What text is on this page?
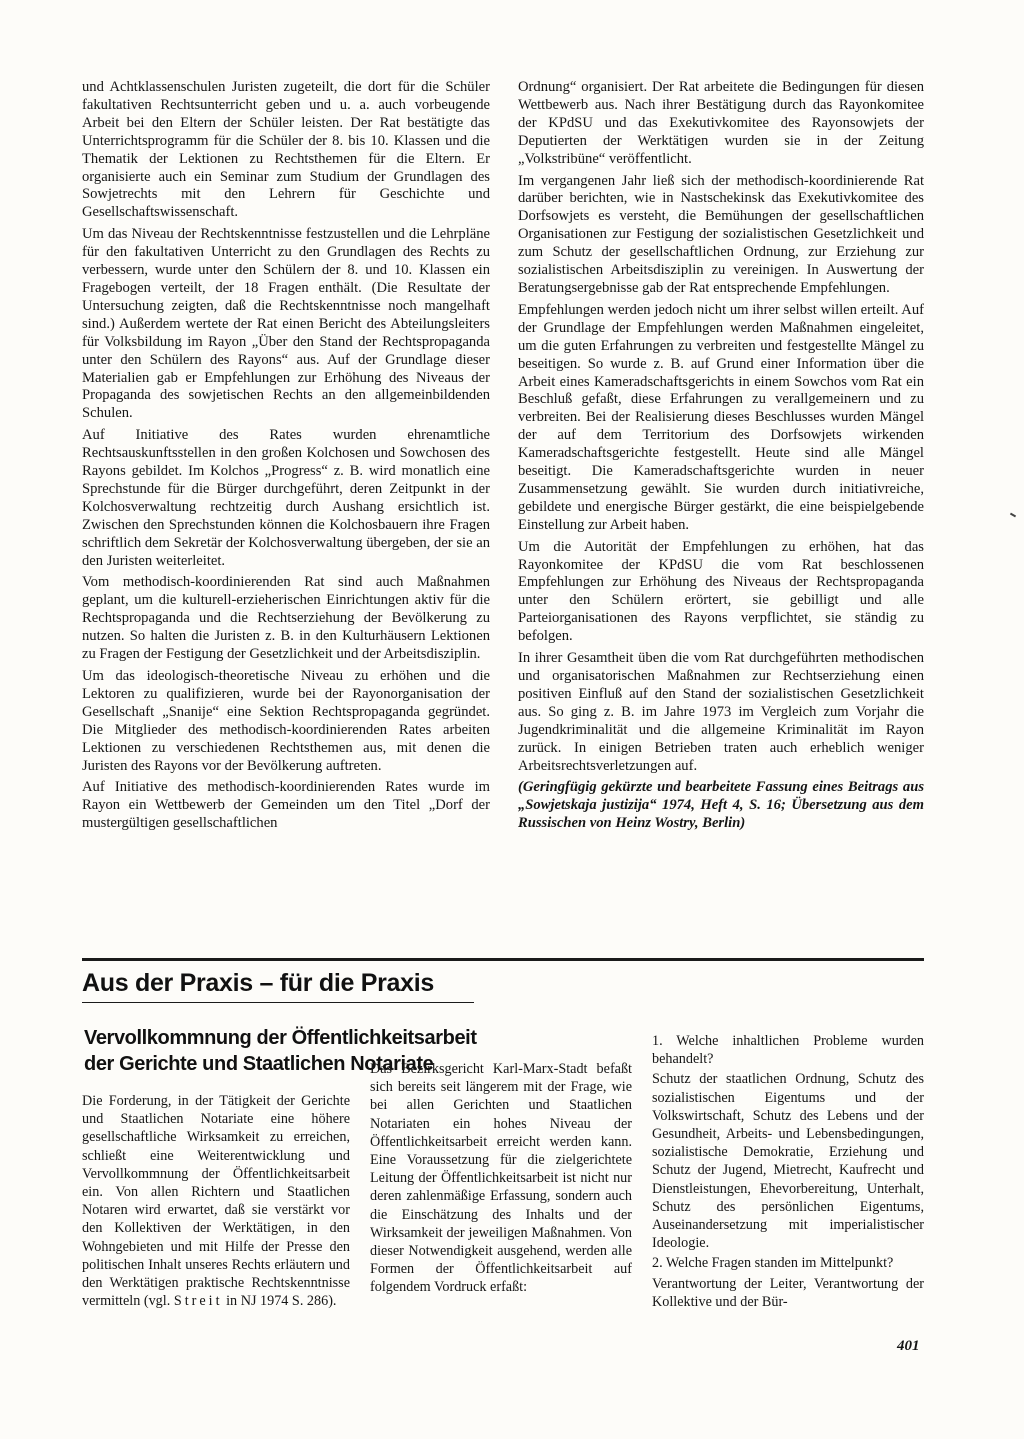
und Achtklassenschulen Juristen zugeteilt, die dort für die Schüler fakultativen Rechtsunterricht geben und u. a. auch vorbeugende Arbeit bei den Eltern der Schüler leisten. Der Rat bestätigte das Unterrichtsprogramm für die Schüler der 8. bis 10. Klassen und die Thematik der Lektionen zu Rechtsthemen für die Eltern. Er organisierte auch ein Seminar zum Studium der Grundlagen des Sowjetrechts mit den Lehrern für Geschichte und Gesellschaftswissenschaft.

Um das Niveau der Rechtskenntnisse festzustellen und die Lehrpläne für den fakultativen Unterricht zu den Grundlagen des Rechts zu verbessern, wurde unter den Schülern der 8. und 10. Klassen ein Fragebogen verteilt, der 18 Fragen enthält. (Die Resultate der Untersuchung zeigten, daß die Rechtskenntnisse noch mangelhaft sind.) Außerdem wertete der Rat einen Bericht des Abteilungsleiters für Volksbildung im Rayon „Über den Stand der Rechtspropaganda unter den Schülern des Rayons“ aus. Auf der Grundlage dieser Materialien gab er Empfehlungen zur Erhöhung des Niveaus der Propaganda des sowjetischen Rechts an den allgemeinbildenden Schulen.

Auf Initiative des Rates wurden ehrenamtliche Rechtsauskunftsstellen in den großen Kolchosen und Sowchosen des Rayons gebildet. Im Kolchos „Progress“ z. B. wird monatlich eine Sprechstunde für die Bürger durchgeführt, deren Zeitpunkt in der Kolchosverwaltung rechtzeitig durch Aushang ersichtlich ist. Zwischen den Sprechstunden können die Kolchosbauern ihre Fragen schriftlich dem Sekretär der Kolchosverwaltung übergeben, der sie an den Juristen weiterleitet.

Vom methodisch-koordinierenden Rat sind auch Maßnahmen geplant, um die kulturell-erzieherischen Einrichtungen aktiv für die Rechtspropaganda und die Rechtserziehung der Bevölkerung zu nutzen. So halten die Juristen z. B. in den Kulturhäusern Lektionen zu Fragen der Festigung der Gesetzlichkeit und der Arbeitsdisziplin.

Um das ideologisch-theoretische Niveau zu erhöhen und die Lektoren zu qualifizieren, wurde bei der Rayonorganisation der Gesellschaft „Snanije“ eine Sektion Rechtspropaganda gegründet. Die Mitglieder des methodisch-koordinierenden Rates arbeiten Lektionen zu verschiedenen Rechtsthemen aus, mit denen die Juristen des Rayons vor der Bevölkerung auftreten.

Auf Initiative des methodisch-koordinierenden Rates wurde im Rayon ein Wettbewerb der Gemeinden um den Titel „Dorf der mustergültigen gesellschaftlichen

Ordnung“ organisiert. Der Rat arbeitete die Bedingungen für diesen Wettbewerb aus. Nach ihrer Bestätigung durch das Rayonkomitee der KPdSU und das Exekutivkomitee des Rayonsowjets der Deputierten der Werktätigen wurden sie in der Zeitung „Volkstribüne“ veröffentlicht.

Im vergangenen Jahr ließ sich der methodisch-koordinierende Rat darüber berichten, wie in Nastschekinsk das Exekutivkomitee des Dorfsowjets es versteht, die Bemühungen der gesellschaftlichen Organisationen zur Festigung der sozialistischen Gesetzlichkeit und zum Schutz der gesellschaftlichen Ordnung, zur Erziehung zur sozialistischen Arbeitsdisziplin zu vereinigen. In Auswertung der Beratungsergebnisse gab der Rat entsprechende Empfehlungen.

Empfehlungen werden jedoch nicht um ihrer selbst willen erteilt. Auf der Grundlage der Empfehlungen werden Maßnahmen eingeleitet, um die guten Erfahrungen zu verbreiten und festgestellte Mängel zu beseitigen. So wurde z. B. auf Grund einer Information über die Arbeit eines Kameradschaftsgerichts in einem Sowchos vom Rat ein Beschluß gefaßt, diese Erfahrungen zu verallgemeinern und zu verbreiten. Bei der Realisierung dieses Beschlusses wurden Mängel der auf dem Territorium des Dorfsowjets wirkenden Kameradschaftsgerichte festgestellt. Heute sind alle Mängel beseitigt. Die Kameradschaftsgerichte wurden in neuer Zusammensetzung gewählt. Sie wurden durch initiativreiche, gebildete und energische Bürger gestärkt, die eine beispielgebende Einstellung zur Arbeit haben.

Um die Autorität der Empfehlungen zu erhöhen, hat das Rayonkomitee der KPdSU die vom Rat beschlossenen Empfehlungen zur Erhöhung des Niveaus der Rechtspropaganda unter den Schülern erörtert, sie gebilligt und alle Parteiorganisationen des Rayons verpflichtet, sie ständig zu befolgen.

In ihrer Gesamtheit üben die vom Rat durchgeführten methodischen und organisatorischen Maßnahmen zur Rechtserziehung einen positiven Einfluß auf den Stand der sozialistischen Gesetzlichkeit aus. So ging z. B. im Jahre 1973 im Vergleich zum Vorjahr die Jugendkriminalität und die allgemeine Kriminalität im Rayon zurück. In einigen Betrieben traten auch erheblich weniger Arbeitsrechtsverletzungen auf.

(Geringfügig gekürzte und bearbeitete Fassung eines Beitrags aus „Sowjetskaja justizija“ 1974, Heft 4, S. 16; Übersetzung aus dem Russischen von Heinz Wostry, Berlin)

Aus der Praxis – für die Praxis
Vervollkommnung der Öffentlichkeitsarbeit
der Gerichte und Staatlichen Notariate

Die Forderung, in der Tätigkeit der Gerichte und Staatlichen Notariate eine höhere gesellschaftliche Wirksamkeit zu erreichen, schließt eine Weiterentwicklung und Vervollkommnung der Öffentlichkeitsarbeit ein. Von allen Richtern und Staatlichen Notaren wird erwartet, daß sie verstärkt vor den Kollektiven der Werktätigen, in den Wohngebieten und mit Hilfe der Presse den politischen Inhalt unseres Rechts erläutern und den Werktätigen praktische Rechtskenntnisse vermitteln (vgl. Streit in NJ 1974 S. 286).

Das Bezirksgericht Karl-Marx-Stadt befaßt sich bereits seit längerem mit der Frage, wie bei allen Gerichten und Staatlichen Notariaten ein hohes Niveau der Öffentlichkeitsarbeit erreicht werden kann. Eine Voraussetzung für die zielgerichtete Leitung der Öffentlichkeitsarbeit ist nicht nur deren zahlenmäßige Erfassung, sondern auch die Einschätzung des Inhalts und der Wirksamkeit der jeweiligen Maßnahmen. Von dieser Notwendigkeit ausgehend, werden alle Formen der Öffentlichkeitsarbeit auf folgendem Vordruck erfaßt:

1. Welche inhaltlichen Probleme wurden behandelt?

Schutz der staatlichen Ordnung, Schutz des sozialistischen Eigentums und der Volkswirtschaft, Schutz des Lebens und der Gesundheit, Arbeits- und Lebensbedingungen, sozialistische Demokratie, Erziehung und Schutz der Jugend, Mietrecht, Kaufrecht und Dienstleistungen, Ehevorbereitung, Unterhalt, Schutz des persönlichen Eigentums, Auseinandersetzung mit imperialistischer Ideologie.

2. Welche Fragen standen im Mittelpunkt?

Verantwortung der Leiter, Verantwortung der Kollektive und der Bür-

401
